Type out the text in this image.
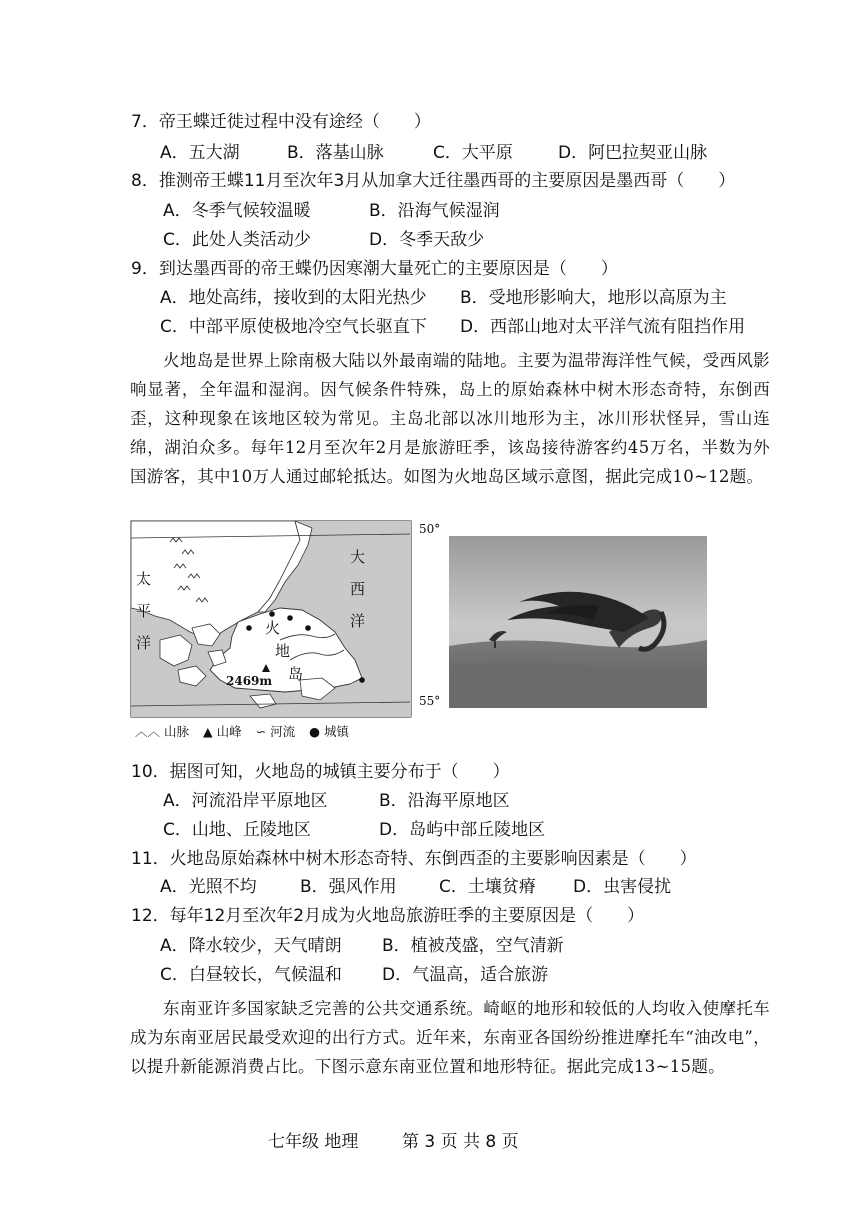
7．帝王蝶迁徙过程中没有途经（　　）
A．五大湖	B．落基山脉	C．大平原	D．阿巴拉契亚山脉
8．推测帝王蝶11月至次年3月从加拿大迁往墨西哥的主要原因是墨西哥（　　）
A．冬季气候较温暖	B．沿海气候湿润
C．此处人类活动少	D．冬季天敌少
9．到达墨西哥的帝王蝶仍因寒潮大量死亡的主要原因是（　　）
A．地处高纬，接收到的太阳光热少 B．受地形影响大，地形以高原为主
C．中部平原使极地冷空气长驱直下 D．西部山地对太平洋气流有阻挡作用

火地岛是世界上除南极大陆以外最南端的陆地。主要为温带海洋性气候，受西风影响显著，全年温和湿润。因气候条件特殊，岛上的原始森林中树木形态奇特，东倒西歪，这种现象在该地区较为常见。主岛北部以冰川地形为主，冰川形状怪异，雪山连绵，湖泊众多。每年12月至次年2月是旅游旺季，该岛接待游客约45万名，半数为外国游客，其中10万人通过邮轮抵达。如图为火地岛区域示意图，据此完成10~12题。

50°
55°
太
平
洋
大
西
洋
火
地
岛
2469m
︿︿ 山脉 ▲ 山峰 ∽ 河流 ● 城镇
10．据图可知，火地岛的城镇主要分布于（　　）
A．河流沿岸平原地区	B．沿海平原地区
C．山地、丘陵地区	D．岛屿中部丘陵地区
11．火地岛原始森林中树木形态奇特、东倒西歪的主要影响因素是（　　）
A．光照不均	B．强风作用 C．土壤贫瘠 D．虫害侵扰
12．每年12月至次年2月成为火地岛旅游旺季的主要原因是（　　）
A．降水较少，天气晴朗 B．植被茂盛，空气清新
C．白昼较长，气候温和 D．气温高，适合旅游

东南亚许多国家缺乏完善的公共交通系统。崎岖的地形和较低的人均收入使摩托车成为东南亚居民最受欢迎的出行方式。近年来，东南亚各国纷纷推进摩托车“油改电”，以提升新能源消费占比。下图示意东南亚位置和地形特征。据此完成13~15题。

七年级 地理	第 3 页 共 8 页
